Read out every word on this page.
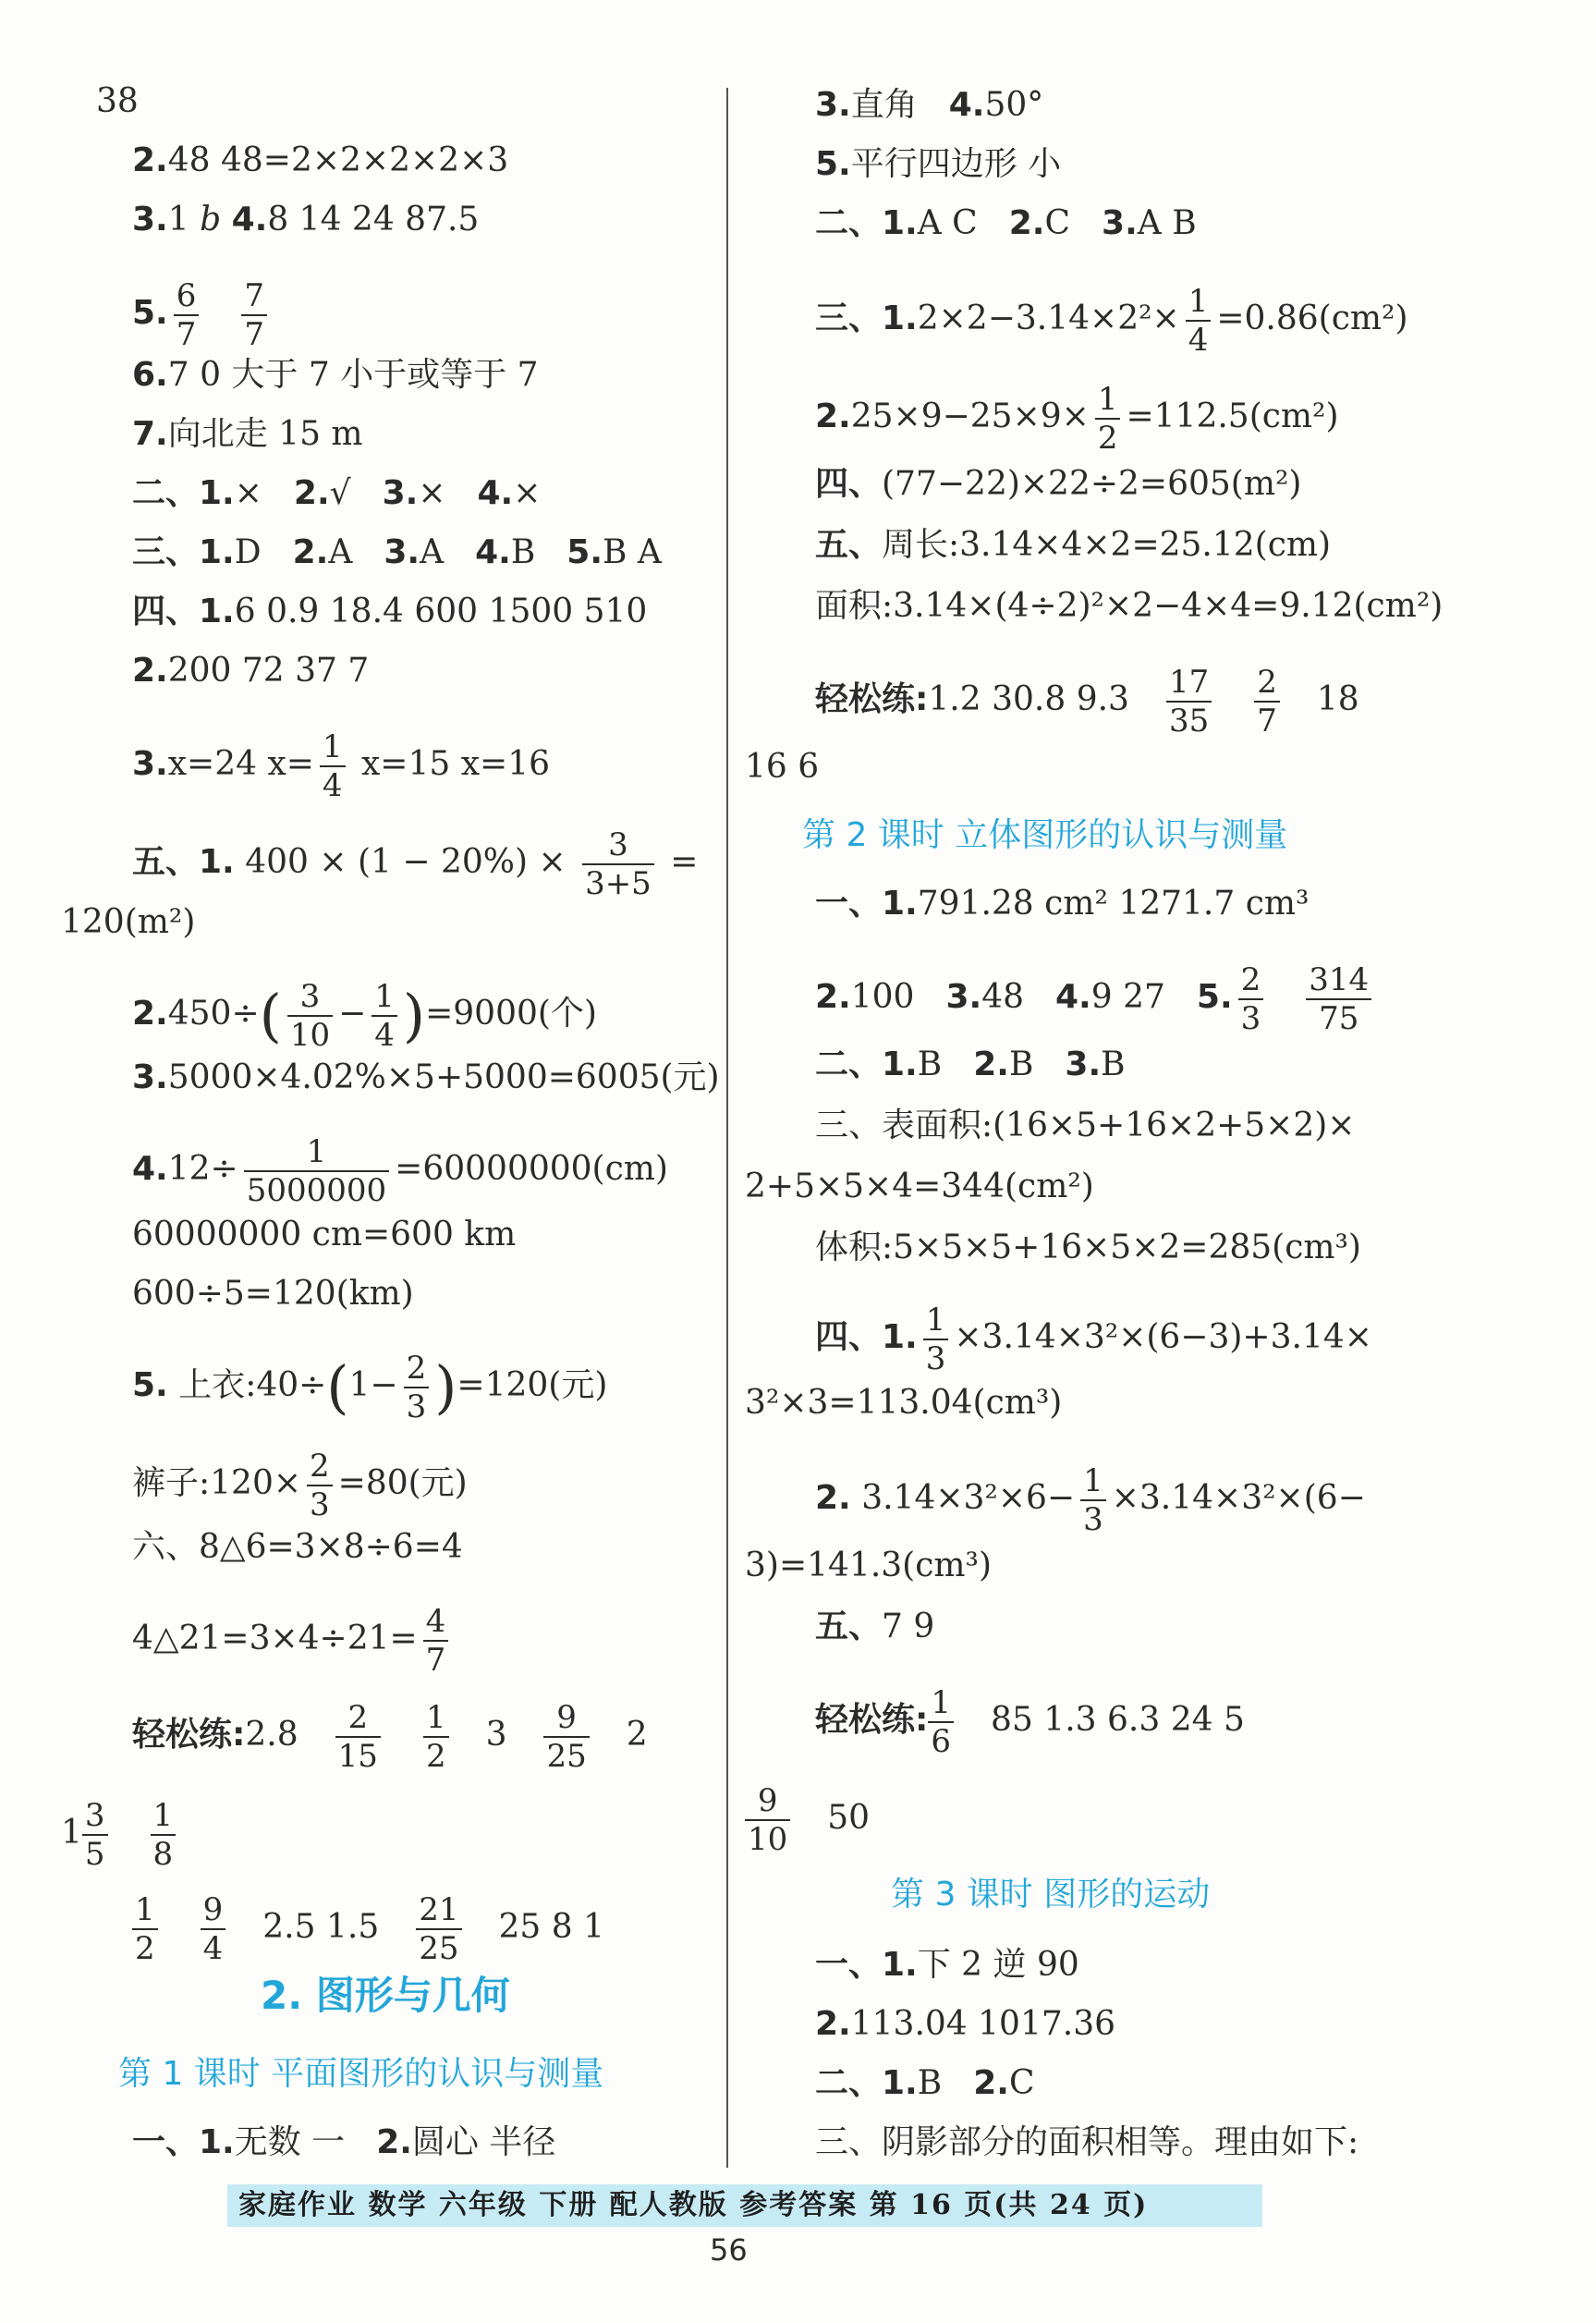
38
2.48 48=2×2×2×2×3
3.1 b 4.8 14 24 87.5
5. $\frac{6}{7} \frac{7}{7}$
6.7 0 大于 7 小于或等于 7
7.向北走 15 m
二、1.× 2.√ 3.× 4.×
三、1.D 2.A 3.A 4.B 5.B A
四、1.6 0.9 18.4 600 1500 510
2.200 72 37 7
3.x=24 $x= \frac{1}{4} x=15$ x=16
五、1. $400 \times (1 - 20\%) \times \frac{3}{3+5}$ =
120(m²)
$2.450\div( \frac{3}{10} - \frac{1}{4} )=9000$(个)
3.5000×4.02%×5+5000=6005(元)
$4.12\div \frac{1}{5000000} =60000000(cm)$
60000000 cm=600 km
600÷5=120(km)
5. 上衣:40÷(1− $\frac{2}{3} )=120$(元)
裤子:120× $\frac{2}{3} =80$(元)
六、8△6=3×8÷6=4
4△21=3×4÷21= $\frac{4}{7}$
轻松练:2.8 $\frac{2}{15} \frac{1}{2} 3 \frac{9}{25} 2$
$1 \frac{3}{5} \frac{1}{8}$
$\frac{1}{2} \frac{9}{4} 2.5$ $1.5 \frac{21}{25} 25$ 8 1
2. 图形与几何
第 1 课时 平面图形的认识与测量
一、1.无数 一 2.圆心 半径
3.直角 4.50°
5.平行四边形 小
二、1.A C 2.C 3.A B
三、$1.2\times 2-3.14\times 2^2\times \frac{1}{4} =0.86(cm^2)$
$2.25\times 9-25\times 9\times \frac{1}{2} =112.5(cm^2)$
四、(77−22)×22÷2=605(m²)
五、周长:3.14×4×2=25.12(cm)
面积:3.14×(4÷2)²×2−4×4=9.12(cm²)
轻松练:1.2 30.8 $9.3 \frac{17}{35} \frac{2}{7} 18$
16 6
第 2 课时 立体图形的认识与测量
一、1.791.28 cm² 1271.7 cm³
2.100 3.48 4.9 27 5. $\frac{2}{3} \frac{314}{75}$
二、1.B 2.B 3.B
三、表面积:(16×5+16×2+5×2)×
2+5×5×4=344(cm²)
体积:5×5×5+16×5×2=285(cm³)
四、1. $\frac{1}{3} \times 3.14\times 3^2\times(6-3)+3.14\times$
3²×3=113.04(cm³)
2. $3.14\times 3^2\times 6- \frac{1}{3} \times 3.14\times 3^2\times(6-$
3)=141.3(cm³)
五、7 9
轻松练: $\frac{1}{6} 85$ 1.3 6.3 24 5
$\frac{9}{10} 50$
第 3 课时 图形的运动
一、1.下 2 逆 90
2.113.04 1017.36
二、1.B 2.C
三、阴影部分的面积相等。理由如下:
家庭作业 数学 六年级 下册 配人教版 参考答案 第 16 页(共 24 页)
56
